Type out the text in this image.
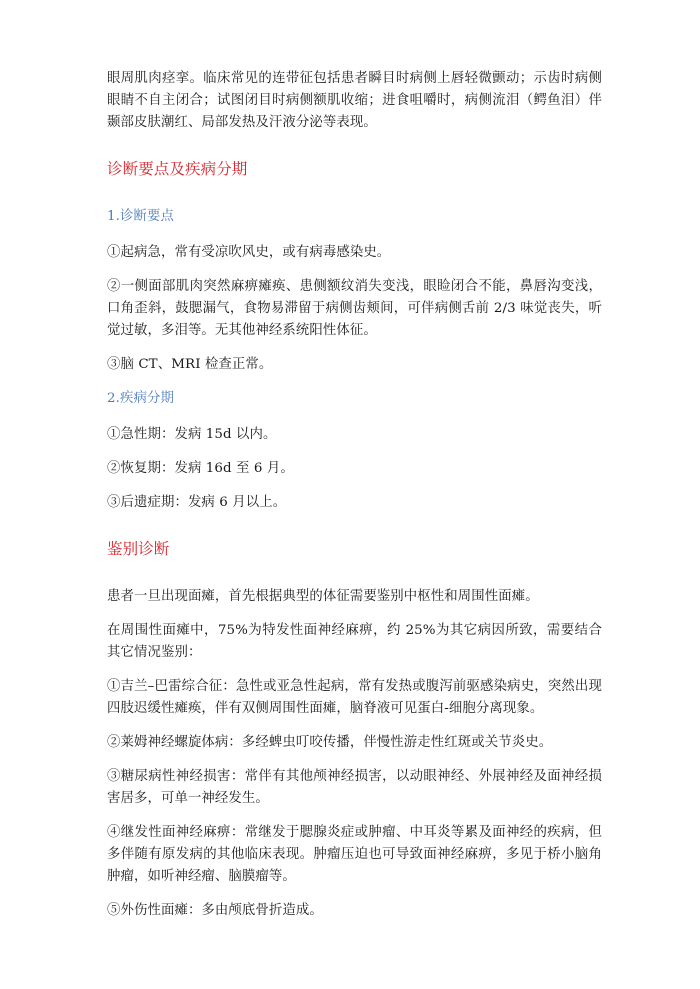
眼周肌肉痉挛。临床常见的连带征包括患者瞬目时病侧上唇轻微颤动；示齿时病侧眼睛不自主闭合；试图闭目时病侧额肌收缩；进食咀嚼时，病侧流泪（鳄鱼泪）伴颞部皮肤潮红、局部发热及汗液分泌等表现。

诊断要点及疾病分期
1.诊断要点

①起病急，常有受凉吹风史，或有病毒感染史。

②一侧面部肌肉突然麻痹瘫痪、患侧额纹消失变浅，眼睑闭合不能，鼻唇沟变浅，口角歪斜，鼓腮漏气，食物易滞留于病侧齿颊间，可伴病侧舌前 2/3 味觉丧失，听觉过敏，多泪等。无其他神经系统阳性体征。

③脑 CT、MRI 检查正常。

2.疾病分期

①急性期：发病 15d 以内。

②恢复期：发病 16d 至 6 月。

③后遗症期：发病 6 月以上。

鉴别诊断

患者一旦出现面瘫，首先根据典型的体征需要鉴别中枢性和周围性面瘫。

在周围性面瘫中，75%为特发性面神经麻痹，约 25%为其它病因所致，需要结合其它情况鉴别：

①吉兰–巴雷综合征：急性或亚急性起病，常有发热或腹泻前驱感染病史，突然出现四肢迟缓性瘫痪，伴有双侧周围性面瘫，脑脊液可见蛋白-细胞分离现象。

②莱姆神经螺旋体病：多经蜱虫叮咬传播，伴慢性游走性红斑或关节炎史。

③糖尿病性神经损害：常伴有其他颅神经损害，以动眼神经、外展神经及面神经损害居多，可单一神经发生。

④继发性面神经麻痹：常继发于腮腺炎症或肿瘤、中耳炎等累及面神经的疾病，但多伴随有原发病的其他临床表现。肿瘤压迫也可导致面神经麻痹，多见于桥小脑角肿瘤，如听神经瘤、脑膜瘤等。

⑤外伤性面瘫：多由颅底骨折造成。
